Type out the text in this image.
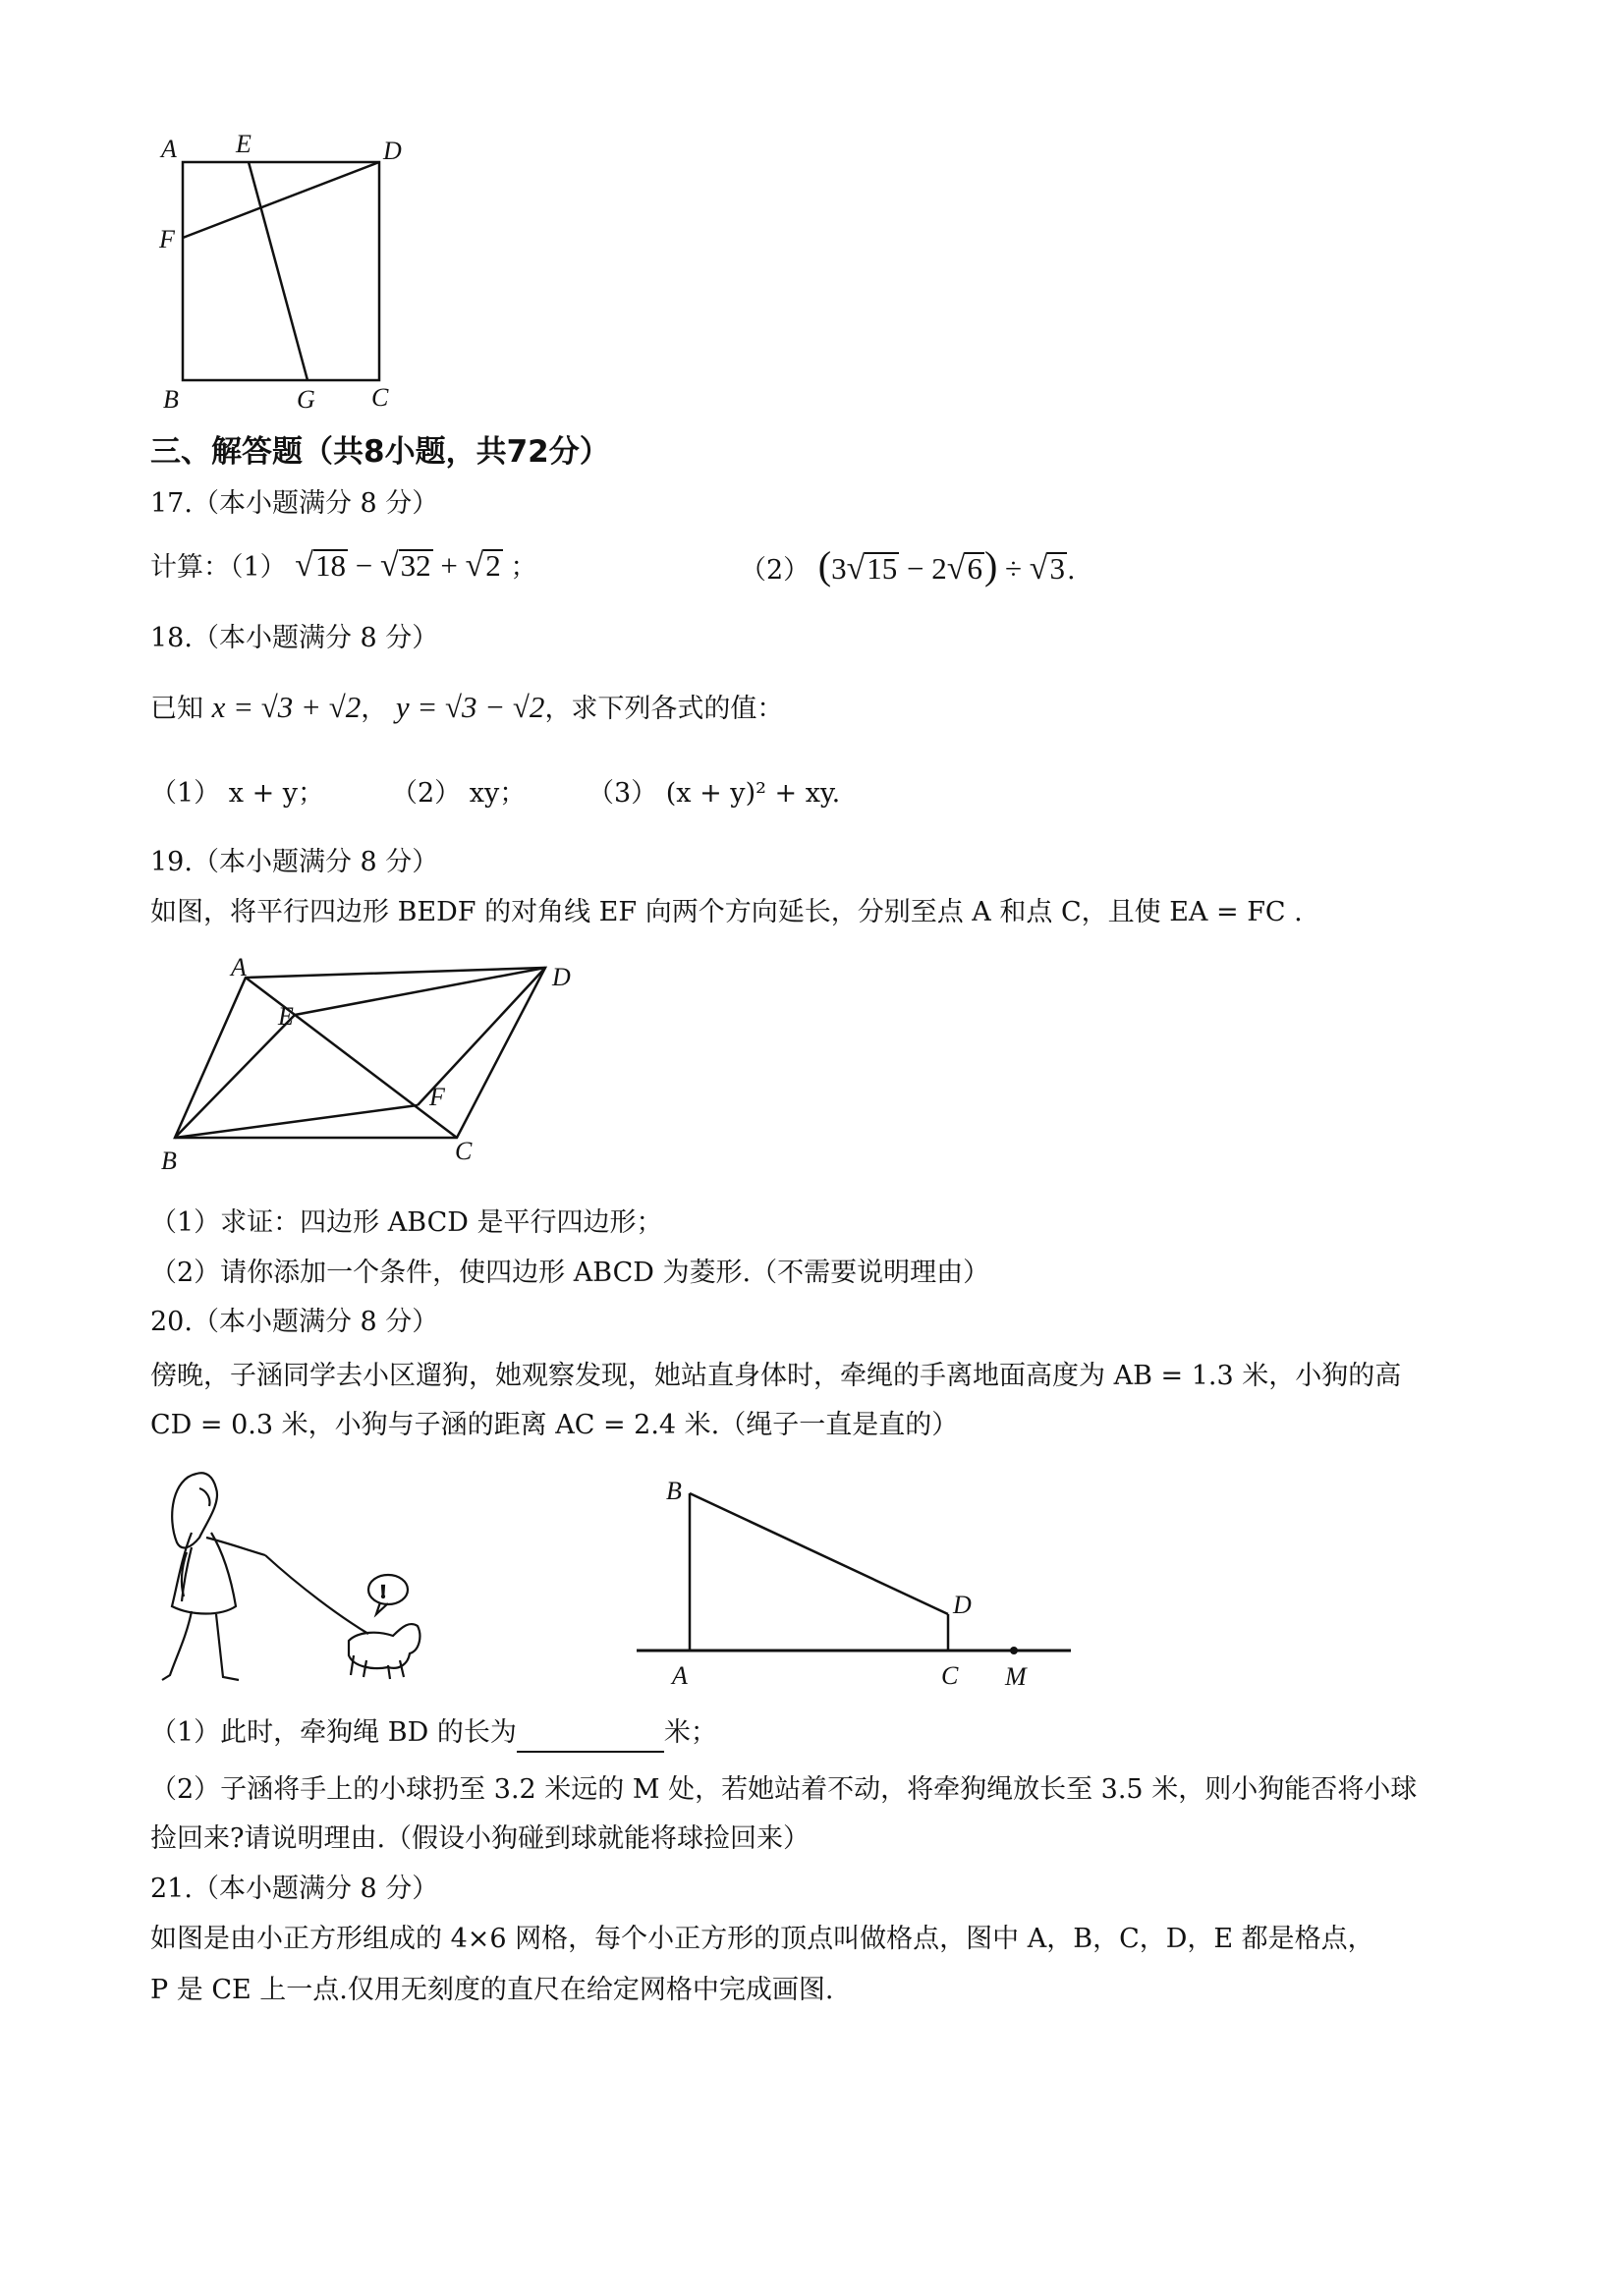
A E	D
F
B	G C
三、解答题（共8小题，共72分）
17.（本小题满分 8 分）
计算：（1） √18 − √32 + √2 ；	（2） (3√15 − 2√6) ÷ √3.
18.（本小题满分 8 分）
已知 x = √3 + √2， y = √3 − √2，求下列各式的值：
（1） x + y；	（2） xy； （3） (x + y)² + xy.
19.（本小题满分 8 分）
如图，将平行四边形 BEDF 的对角线 EF 向两个方向延长，分别至点 A 和点 C，且使 EA = FC .
A
E
D
F
B	C
（1）求证：四边形 ABCD 是平行四边形；
（2）请你添加一个条件，使四边形 ABCD 为菱形.（不需要说明理由）
20.（本小题满分 8 分）
傍晚，子涵同学去小区遛狗，她观察发现，她站直身体时，牵绳的手离地面高度为 AB = 1.3 米，小狗的高
CD = 0.3 米，小狗与子涵的距离 AC = 2.4 米.（绳子一直是直的）
!
B
D
A	C M
（1）此时，牵狗绳 BD 的长为	米；
（2）子涵将手上的小球扔至 3.2 米远的 M 处，若她站着不动，将牵狗绳放长至 3.5 米，则小狗能否将小球
捡回来?请说明理由.（假设小狗碰到球就能将球捡回来）
21.（本小题满分 8 分）
如图是由小正方形组成的 4×6 网格，每个小正方形的顶点叫做格点，图中 A，B，C，D，E 都是格点，
P 是 CE 上一点.仅用无刻度的直尺在给定网格中完成画图.
